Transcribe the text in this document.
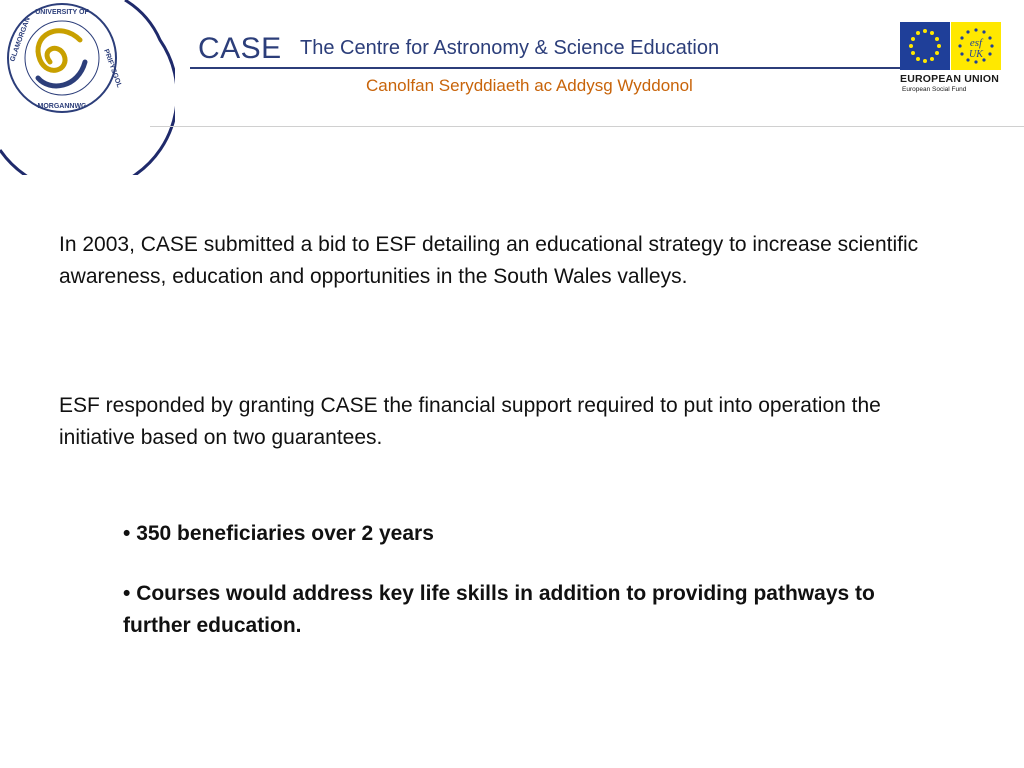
UNIVERSITY OF
GLAMORGAN
MORGANNWG
PRIFYSGOL	CASE The Centre for Astronomy & Science Education
Canolfan Seryddiaeth ac Addysg Wyddonol
esf
UK
EUROPEAN UNION
European Social Fund

In 2003, CASE submitted a bid to ESF detailing an educational strategy to increase scientific awareness, education and opportunities in the South Wales valleys.

ESF responded by granting CASE the financial support required to put into operation the initiative based on two guarantees.

• 350 beneficiaries over 2 years

• Courses would address key life skills in addition to providing pathways to further education.
